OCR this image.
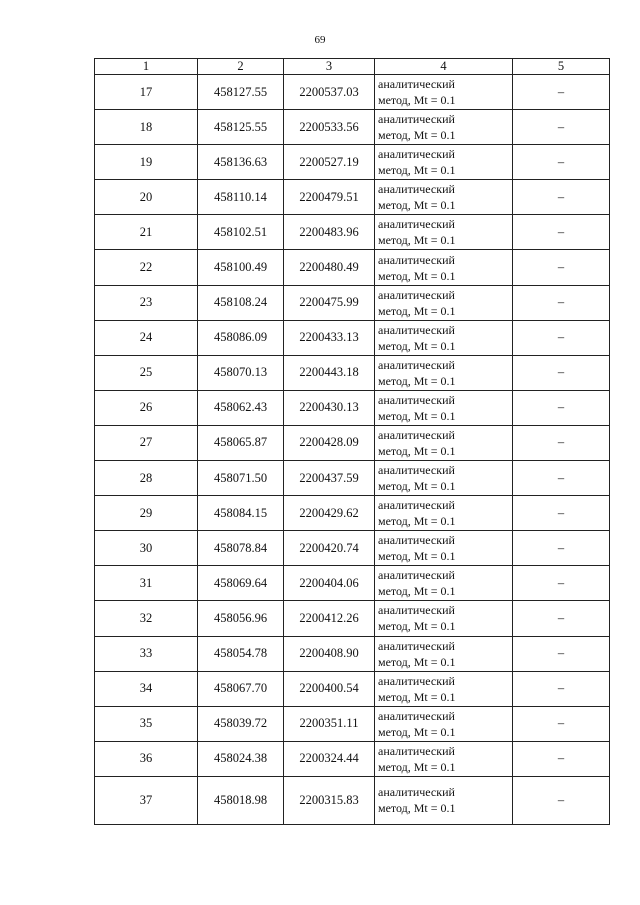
69
1	2	3	4	5
17	458127.55	2200537.03	аналитический
метод, Mt = 0.1	–
18	458125.55	2200533.56	аналитический
метод, Mt = 0.1	–
19	458136.63	2200527.19	аналитический
метод, Mt = 0.1	–
20	458110.14	2200479.51	аналитический
метод, Mt = 0.1	–
21	458102.51	2200483.96	аналитический
метод, Mt = 0.1	–
22	458100.49	2200480.49	аналитический
метод, Mt = 0.1	–
23	458108.24	2200475.99	аналитический
метод, Mt = 0.1	–
24	458086.09	2200433.13	аналитический
метод, Mt = 0.1	–
25	458070.13	2200443.18	аналитический
метод, Mt = 0.1	–
26	458062.43	2200430.13	аналитический
метод, Mt = 0.1	–
27	458065.87	2200428.09	аналитический
метод, Mt = 0.1	–
28	458071.50	2200437.59	аналитический
метод, Mt = 0.1	–
29	458084.15	2200429.62	аналитический
метод, Mt = 0.1	–
30	458078.84	2200420.74	аналитический
метод, Mt = 0.1	–
31	458069.64	2200404.06	аналитический
метод, Mt = 0.1	–
32	458056.96	2200412.26	аналитический
метод, Mt = 0.1	–
33	458054.78	2200408.90	аналитический
метод, Mt = 0.1	–
34	458067.70	2200400.54	аналитический
метод, Mt = 0.1	–
35	458039.72	2200351.11	аналитический
метод, Mt = 0.1	–
36	458024.38	2200324.44	аналитический
метод, Mt = 0.1	–
37	458018.98	2200315.83	аналитический
метод, Mt = 0.1	–
